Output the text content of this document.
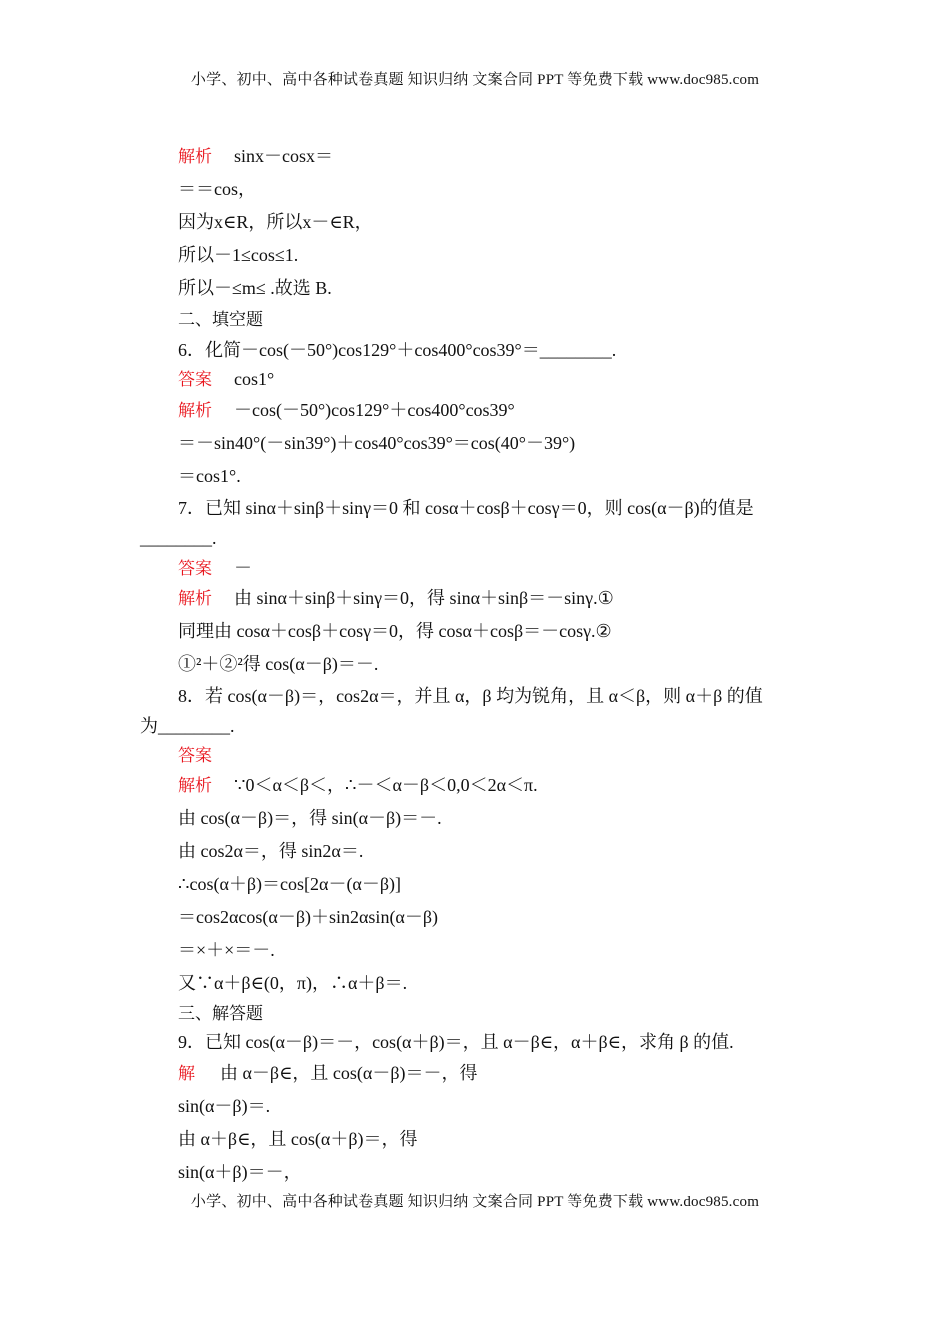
小学、初中、高中各种试卷真题 知识归纳 文案合同 PPT 等免费下载 www.doc985.com
解析 sinx－cosx＝
＝＝cos，
因为x∈R，所以x－∈R，
所以－1≤cos≤1.
所以－≤m≤ .故选 B.
二、填空题
6．化简－cos(－50°)cos129°＋cos400°cos39°＝________.
答案 cos1°
解析 －cos(－50°)cos129°＋cos400°cos39°
＝－sin40°(－sin39°)＋cos40°cos39°＝cos(40°－39°)
＝cos1°.
7．已知 sinα＋sinβ＋sinγ＝0 和 cosα＋cosβ＋cosγ＝0，则 cos(α－β)的值是
________.
答案 －
解析 由 sinα＋sinβ＋sinγ＝0，得 sinα＋sinβ＝－sinγ.①
同理由 cosα＋cosβ＋cosγ＝0，得 cosα＋cosβ＝－cosγ.②
①²＋②²得 cos(α－β)＝－.
8．若 cos(α－β)＝，cos2α＝，并且 α，β 均为锐角，且 α＜β，则 α＋β 的值
为________.
答案
解析 ∵0＜α＜β＜，∴－＜α－β＜0,0＜2α＜π.
由 cos(α－β)＝，得 sin(α－β)＝－.
由 cos2α＝，得 sin2α＝.
∴cos(α＋β)＝cos[2α－(α－β)]
＝cos2αcos(α－β)＋sin2αsin(α－β)
＝×＋×＝－.
又∵α＋β∈(0，π)，∴α＋β＝.
三、解答题
9．已知 cos(α－β)＝－，cos(α＋β)＝，且 α－β∈，α＋β∈，求角 β 的值.
解 由 α－β∈，且 cos(α－β)＝－，得
sin(α－β)＝.
由 α＋β∈，且 cos(α＋β)＝，得
sin(α＋β)＝－，
小学、初中、高中各种试卷真题 知识归纳 文案合同 PPT 等免费下载 www.doc985.com
